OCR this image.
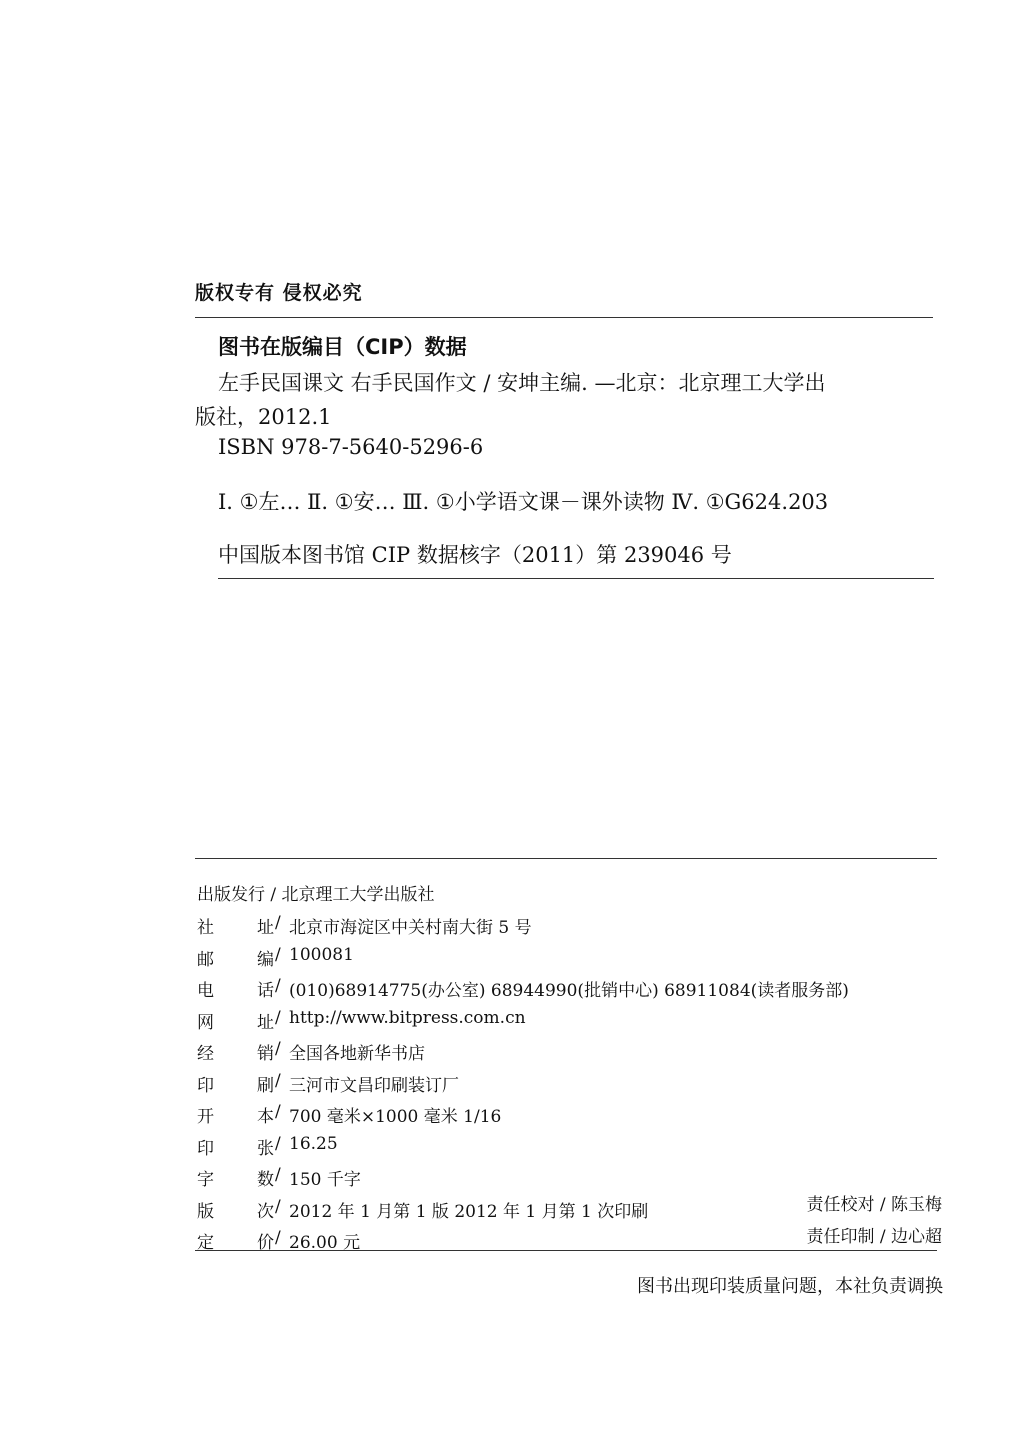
版权专有 侵权必究
图书在版编目（CIP）数据
左手民国课文 右手民国作文 / 安坤主编. —北京：北京理工大学出
版社，2012.1
ISBN 978-7-5640-5296-6
Ⅰ. ①左… Ⅱ. ①安… Ⅲ. ①小学语文课－课外读物 Ⅳ. ①G624.203
中国版本图书馆 CIP 数据核字（2011）第 239046 号
出版发行 / 北京理工大学出版社
社	址 / 北京市海淀区中关村南大街 5 号
邮	编 / 100081
电	话 / (010)68914775(办公室) 68944990(批销中心) 68911084(读者服务部)
网	址 / http://www.bitpress.com.cn
经	销 / 全国各地新华书店
印	刷 / 三河市文昌印刷装订厂
开	本 / 700 毫米×1000 毫米 1/16
印	张 / 16.25
字	数 / 150 千字
版	次 / 2012 年 1 月第 1 版 2012 年 1 月第 1 次印刷
定	价 / 26.00 元
责任校对 / 陈玉梅
责任印制 / 边心超
图书出现印装质量问题，本社负责调换
